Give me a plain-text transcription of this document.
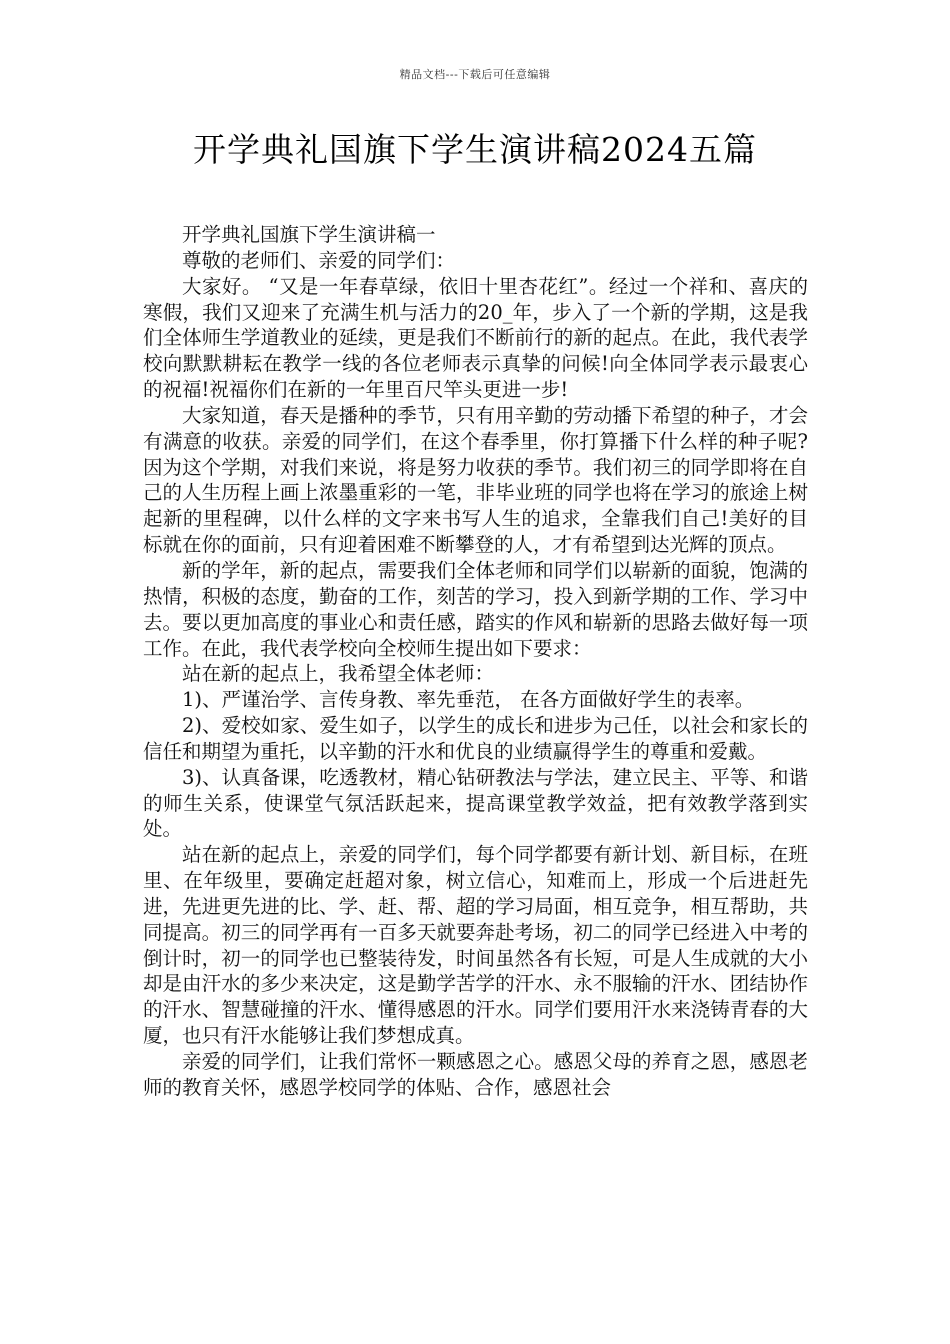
精品文档---下载后可任意编辑
开学典礼国旗下学生演讲稿2024五篇

开学典礼国旗下学生演讲稿一

尊敬的老师们、亲爱的同学们：

大家好。 “又是一年春草绿，依旧十里杏花红”。经过一个祥和、喜庆的寒假，我们又迎来了充满生机与活力的20_年，步入了一个新的学期，这是我们全体师生学道教业的延续，更是我们不断前行的新的起点。在此，我代表学校向默默耕耘在教学一线的各位老师表示真挚的问候!向全体同学表示最衷心的祝福!祝福你们在新的一年里百尺竿头更进一步!

大家知道，春天是播种的季节，只有用辛勤的劳动播下希望的种子，才会有满意的收获。亲爱的同学们，在这个春季里，你打算播下什么样的种子呢?因为这个学期，对我们来说，将是努力收获的季节。我们初三的同学即将在自己的人生历程上画上浓墨重彩的一笔，非毕业班的同学也将在学习的旅途上树起新的里程碑，以什么样的文字来书写人生的追求，全靠我们自己!美好的目标就在你的面前，只有迎着困难不断攀登的人，才有希望到达光辉的顶点。

新的学年，新的起点，需要我们全体老师和同学们以崭新的面貌，饱满的热情，积极的态度，勤奋的工作，刻苦的学习，投入到新学期的工作、学习中去。要以更加高度的事业心和责任感，踏实的作风和崭新的思路去做好每一项工作。在此，我代表学校向全校师生提出如下要求：

站在新的起点上，我希望全体老师：

1)、严谨治学、言传身教、率先垂范， 在各方面做好学生的表率。

2)、爱校如家、爱生如子，以学生的成长和进步为己任，以社会和家长的信任和期望为重托，以辛勤的汗水和优良的业绩赢得学生的尊重和爱戴。

3)、认真备课，吃透教材，精心钻研教法与学法，建立民主、平等、和谐的师生关系，使课堂气氛活跃起来，提高课堂教学效益，把有效教学落到实处。

站在新的起点上，亲爱的同学们，每个同学都要有新计划、新目标，在班里、在年级里，要确定赶超对象，树立信心，知难而上，形成一个后进赶先进，先进更先进的比、学、赶、帮、超的学习局面，相互竞争，相互帮助，共同提高。初三的同学再有一百多天就要奔赴考场，初二的同学已经进入中考的倒计时，初一的同学也已整装待发，时间虽然各有长短，可是人生成就的大小却是由汗水的多少来决定，这是勤学苦学的汗水、永不服输的汗水、团结协作的汗水、智慧碰撞的汗水、懂得感恩的汗水。同学们要用汗水来浇铸青春的大厦，也只有汗水能够让我们梦想成真。

亲爱的同学们，让我们常怀一颗感恩之心。感恩父母的养育之恩，感恩老师的教育关怀，感恩学校同学的体贴、合作，感恩社会
